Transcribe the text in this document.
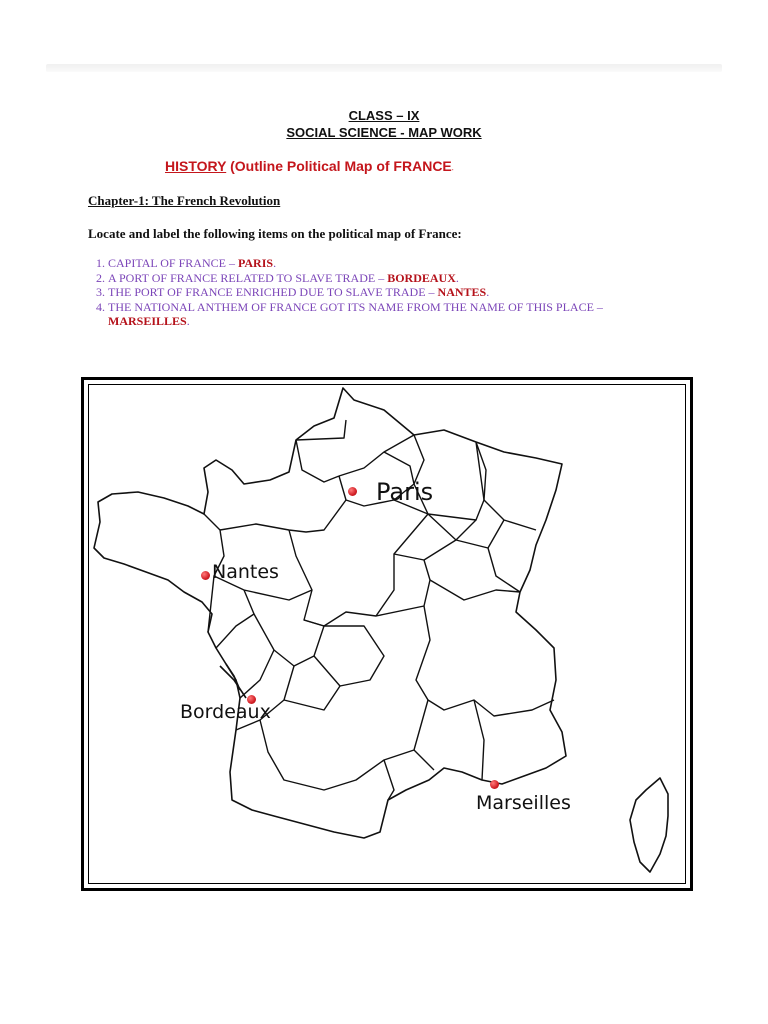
CLASS – IX
SOCIAL SCIENCE - MAP WORK
HISTORY (Outline Political Map of FRANCE-
Chapter-1: The French Revolution
Locate and label the following items on the political map of France:
1. CAPITAL OF FRANCE – PARIS.
2. A PORT OF FRANCE RELATED TO SLAVE TRADE – BORDEAUX.
3. THE PORT OF FRANCE ENRICHED DUE TO SLAVE TRADE – NANTES.
4. THE NATIONAL ANTHEM OF FRANCE GOT ITS NAME FROM THE NAME OF THIS PLACE – MARSEILLES.
Paris
Nantes
Bordeaux
Marseilles
